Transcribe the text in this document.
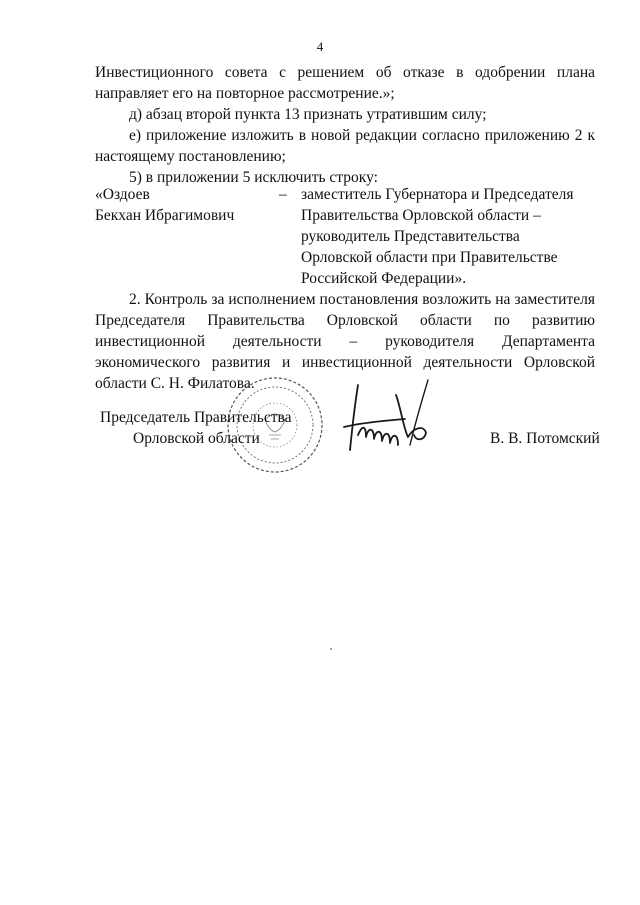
4

Инвестиционного совета с решением об отказе в одобрении плана направляет его на повторное рассмотрение.»;

д) абзац второй пункта 13 признать утратившим силу;

е) приложение изложить в новой редакции согласно приложению 2 к настоящему постановлению;

5) в приложении 5 исключить строку:

«Оздоев
Бекхан Ибрагимович
– заместитель Губернатора и Председателя Правительства Орловской области – руководитель Представительства Орловской области при Правительстве Российской Федерации».

2. Контроль за исполнением постановления возложить на заместителя Председателя Правительства Орловской области по развитию инвестиционной деятельности – руководителя Департамента экономического развития и инвестиционной деятельности Орловской области С. Н. Филатова.

Председатель Правительства
Орловской области	В. В. Потомский
